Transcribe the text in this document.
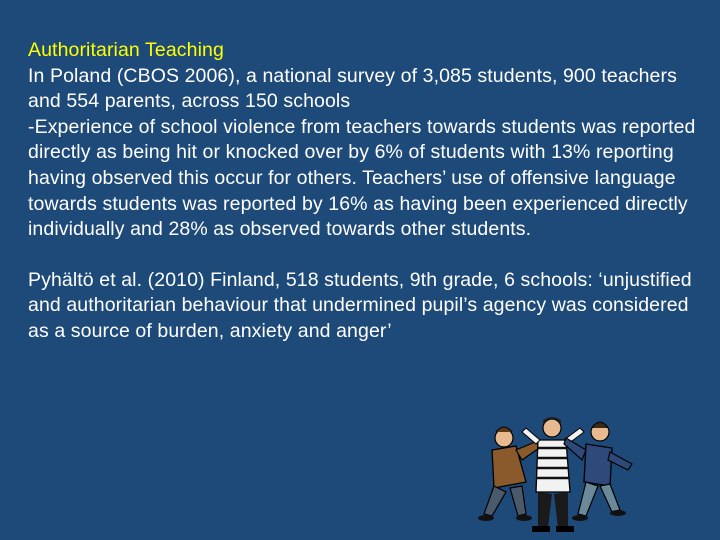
Authoritarian Teaching
In Poland (CBOS 2006), a national survey of 3,085 students, 900 teachers and 554 parents, across 150 schools
-Experience of school violence from teachers towards students was reported directly as being hit or knocked over by 6% of students with 13% reporting having observed this occur for others. Teachers’ use of offensive language towards students was reported by 16% as having been experienced directly individually and 28% as observed towards other students.
Pyhältö et al. (2010) Finland, 518 students, 9th grade, 6 schools: ‘unjustified and authoritarian behaviour that undermined pupil’s agency was considered as a source of burden, anxiety and anger’
